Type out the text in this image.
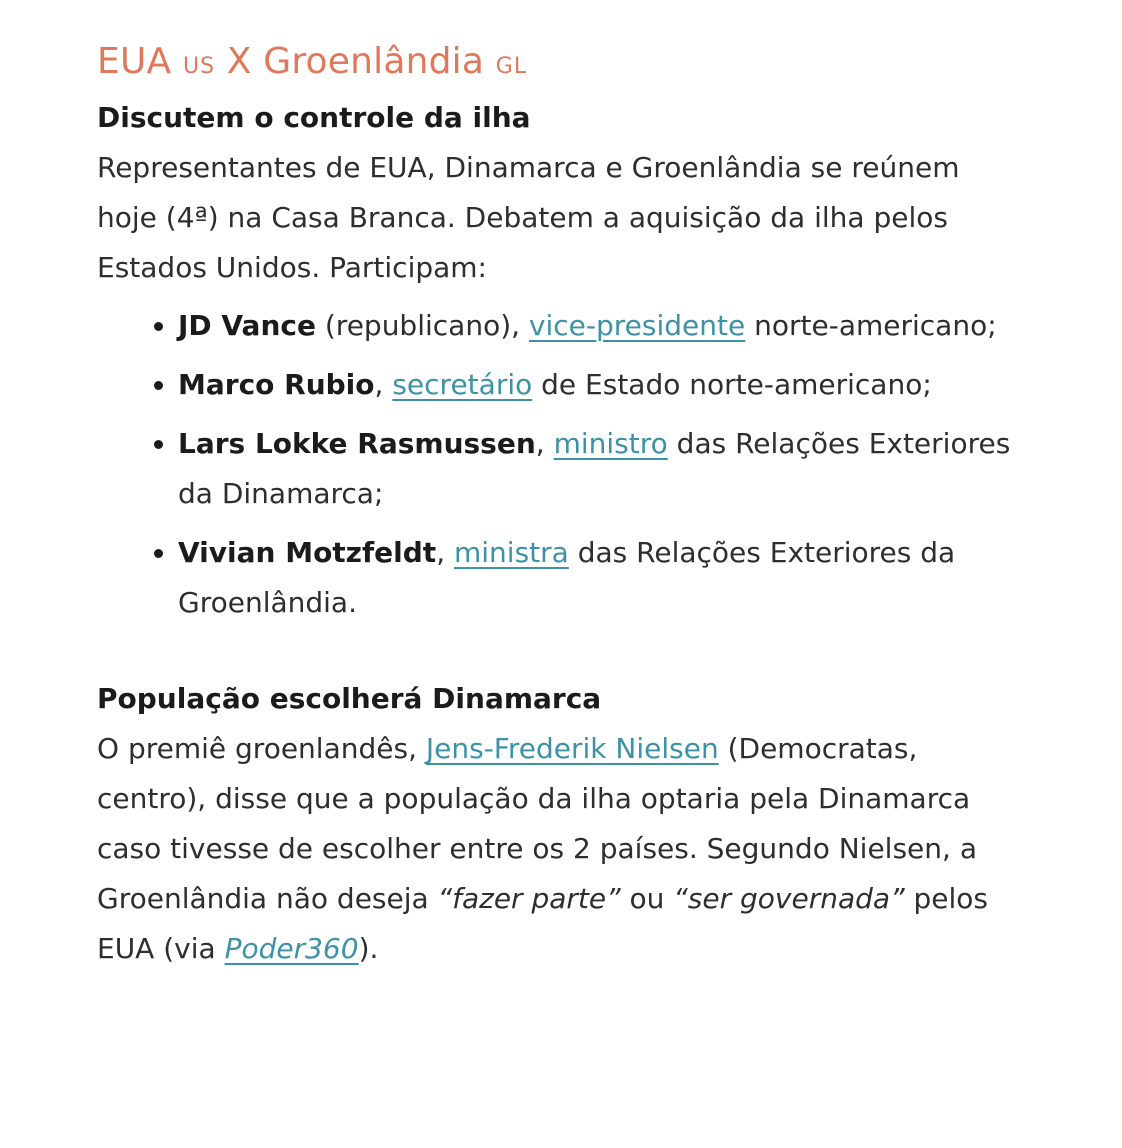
EUA US X Groenlândia GL

Discutem o controle da ilha

Representantes de EUA, Dinamarca e Groenlândia se reúnem hoje (4ª) na Casa Branca. Debatem a aquisição da ilha pelos Estados Unidos. Participam:

• JD Vance (republicano), vice-presidente norte-americano;
• Marco Rubio, secretário de Estado norte-americano;
• Lars Lokke Rasmussen, ministro das Relações Exteriores da Dinamarca;
• Vivian Motzfeldt, ministra das Relações Exteriores da Groenlândia.

População escolherá Dinamarca

O premiê groenlandês, Jens-Frederik Nielsen (Democratas, centro), disse que a população da ilha optaria pela Dinamarca caso tivesse de escolher entre os 2 países. Segundo Nielsen, a Groenlândia não deseja “fazer parte” ou “ser governada” pelos EUA (via Poder360).
